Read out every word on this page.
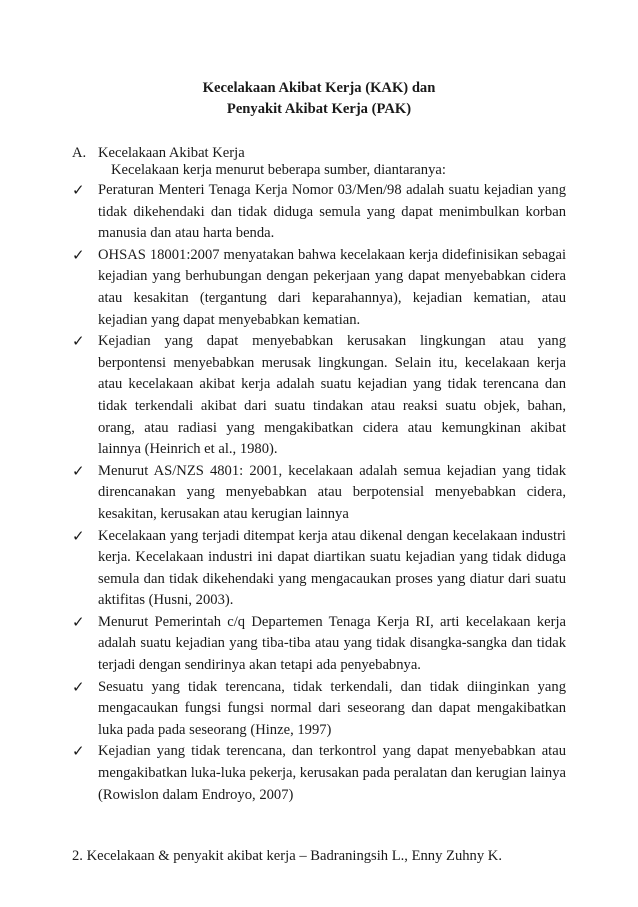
Kecelakaan Akibat Kerja (KAK) dan
Penyakit Akibat Kerja (PAK)
A. Kecelakaan Akibat Kerja
Kecelakaan kerja menurut beberapa sumber, diantaranya:
✓ Peraturan Menteri Tenaga Kerja Nomor 03/Men/98 adalah suatu kejadian yang tidak dikehendaki dan tidak diduga semula yang dapat menimbulkan korban manusia dan atau harta benda.
✓ OHSAS 18001:2007 menyatakan bahwa kecelakaan kerja didefinisikan sebagai kejadian yang berhubungan dengan pekerjaan yang dapat menyebabkan cidera atau kesakitan (tergantung dari keparahannya), kejadian kematian, atau kejadian yang dapat menyebabkan kematian.
✓ Kejadian yang dapat menyebabkan kerusakan lingkungan atau yang berpontensi menyebabkan merusak lingkungan. Selain itu, kecelakaan kerja atau kecelakaan akibat kerja adalah suatu kejadian yang tidak terencana dan tidak terkendali akibat dari suatu tindakan atau reaksi suatu objek, bahan, orang, atau radiasi yang mengakibatkan cidera atau kemungkinan akibat lainnya (Heinrich et al., 1980).
✓ Menurut AS/NZS 4801: 2001, kecelakaan adalah semua kejadian yang tidak direncanakan yang menyebabkan atau berpotensial menyebabkan cidera, kesakitan, kerusakan atau kerugian lainnya
✓ Kecelakaan yang terjadi ditempat kerja atau dikenal dengan kecelakaan industri kerja. Kecelakaan industri ini dapat diartikan suatu kejadian yang tidak diduga semula dan tidak dikehendaki yang mengacaukan proses yang diatur dari suatu aktifitas (Husni, 2003).
✓ Menurut Pemerintah c/q Departemen Tenaga Kerja RI, arti kecelakaan kerja adalah suatu kejadian yang tiba-tiba atau yang tidak disangka-sangka dan tidak terjadi dengan sendirinya akan tetapi ada penyebabnya.
✓ Sesuatu yang tidak terencana, tidak terkendali, dan tidak diinginkan yang mengacaukan fungsi fungsi normal dari seseorang dan dapat mengakibatkan luka pada pada seseorang (Hinze, 1997)
✓ Kejadian yang tidak terencana, dan terkontrol yang dapat menyebabkan atau mengakibatkan luka-luka pekerja, kerusakan pada peralatan dan kerugian lainya (Rowislon dalam Endroyo, 2007)
2. Kecelakaan & penyakit akibat kerja – Badraningsih L., Enny Zuhny K.
